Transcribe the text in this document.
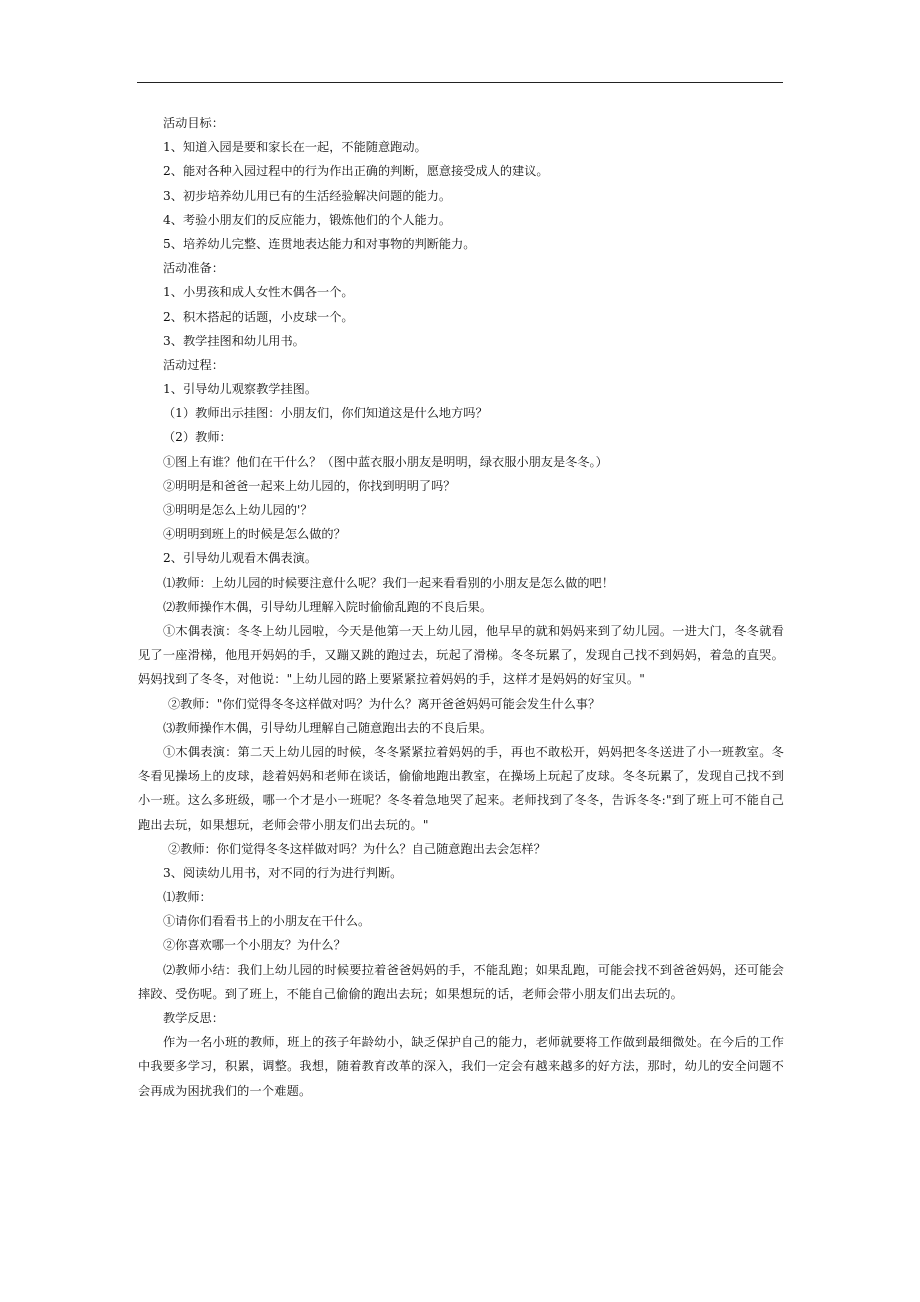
活动目标：
1、知道入园是要和家长在一起，不能随意跑动。
2、能对各种入园过程中的行为作出正确的判断，愿意接受成人的建议。
3、初步培养幼儿用已有的生活经验解决问题的能力。
4、考验小朋友们的反应能力，锻炼他们的个人能力。
5、培养幼儿完整、连贯地表达能力和对事物的判断能力。
活动准备：
1、小男孩和成人女性木偶各一个。
2、积木搭起的话题，小皮球一个。
3、教学挂图和幼儿用书。
活动过程：
1、引导幼儿观察教学挂图。
（1）教师出示挂图：小朋友们，你们知道这是什么地方吗？
（2）教师：
①图上有谁？他们在干什么？（图中蓝衣服小朋友是明明，绿衣服小朋友是冬冬。）
②明明是和爸爸一起来上幼儿园的，你找到明明了吗？
③明明是怎么上幼儿园的'？
④明明到班上的时候是怎么做的？
2、引导幼儿观看木偶表演。
⑴教师：上幼儿园的时候要注意什么呢？我们一起来看看别的小朋友是怎么做的吧！
⑵教师操作木偶，引导幼儿理解入院时偷偷乱跑的不良后果。
①木偶表演：冬冬上幼儿园啦，今天是他第一天上幼儿园，他早早的就和妈妈来到了幼儿园。一进大门，冬冬就看见了一座滑梯，他甩开妈妈的手，又蹦又跳的跑过去，玩起了滑梯。冬冬玩累了，发现自己找不到妈妈，着急的直哭。妈妈找到了冬冬，对他说："上幼儿园的路上要紧紧拉着妈妈的手，这样才是妈妈的好宝贝。"
②教师："你们觉得冬冬这样做对吗？为什么？离开爸爸妈妈可能会发生什么事？
⑶教师操作木偶，引导幼儿理解自己随意跑出去的不良后果。
①木偶表演：第二天上幼儿园的时候，冬冬紧紧拉着妈妈的手，再也不敢松开，妈妈把冬冬送进了小一班教室。冬冬看见操场上的皮球，趁着妈妈和老师在谈话，偷偷地跑出教室，在操场上玩起了皮球。冬冬玩累了，发现自己找不到小一班。这么多班级，哪一个才是小一班呢？冬冬着急地哭了起来。老师找到了冬冬，告诉冬冬:"到了班上可不能自己跑出去玩，如果想玩，老师会带小朋友们出去玩的。"
②教师：你们觉得冬冬这样做对吗？为什么？自己随意跑出去会怎样？
3、阅读幼儿用书，对不同的行为进行判断。
⑴教师：
①请你们看看书上的小朋友在干什么。
②你喜欢哪一个小朋友？为什么？
⑵教师小结：我们上幼儿园的时候要拉着爸爸妈妈的手，不能乱跑；如果乱跑，可能会找不到爸爸妈妈，还可能会摔跤、受伤呢。到了班上，不能自己偷偷的跑出去玩；如果想玩的话，老师会带小朋友们出去玩的。
教学反思：
作为一名小班的教师，班上的孩子年龄幼小，缺乏保护自己的能力，老师就要将工作做到最细微处。在今后的工作中我要多学习，积累，调整。我想，随着教育改革的深入，我们一定会有越来越多的好方法，那时，幼儿的安全问题不会再成为困扰我们的一个难题。
